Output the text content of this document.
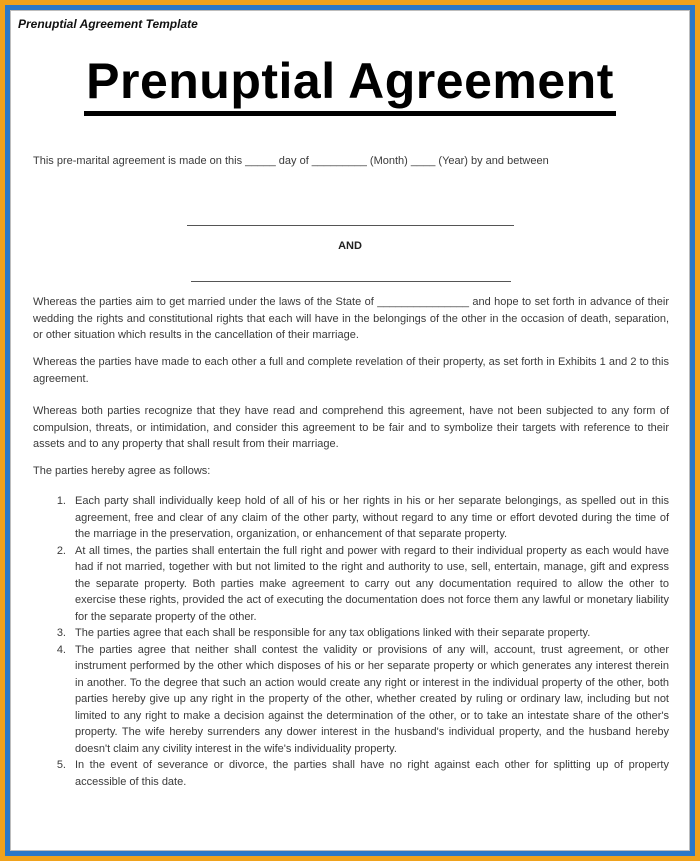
Prenuptial Agreement Template
Prenuptial Agreement
This pre-marital agreement is made on this _____ day of _________ (Month) ____ (Year) by and between
AND
Whereas the parties aim to get married under the laws of the State of _______________ and hope to set forth in advance of their wedding the rights and constitutional rights that each will have in the belongings of the other in the occasion of death, separation, or other situation which results in the cancellation of their marriage.
Whereas the parties have made to each other a full and complete revelation of their property, as set forth in Exhibits 1 and 2 to this agreement.
Whereas both parties recognize that they have read and comprehend this agreement, have not been subjected to any form of compulsion, threats, or intimidation, and consider this agreement to be fair and to symbolize their targets with reference to their assets and to any property that shall result from their marriage.
The parties hereby agree as follows:
1. Each party shall individually keep hold of all of his or her rights in his or her separate belongings, as spelled out in this agreement, free and clear of any claim of the other party, without regard to any time or effort devoted during the time of the marriage in the preservation, organization, or enhancement of that separate property.
2. At all times, the parties shall entertain the full right and power with regard to their individual property as each would have had if not married, together with but not limited to the right and authority to use, sell, entertain, manage, gift and express the separate property. Both parties make agreement to carry out any documentation required to allow the other to exercise these rights, provided the act of executing the documentation does not force them any lawful or monetary liability for the separate property of the other.
3. The parties agree that each shall be responsible for any tax obligations linked with their separate property.
4. The parties agree that neither shall contest the validity or provisions of any will, account, trust agreement, or other instrument performed by the other which disposes of his or her separate property or which generates any interest therein in another. To the degree that such an action would create any right or interest in the individual property of the other, both parties hereby give up any right in the property of the other, whether created by ruling or ordinary law, including but not limited to any right to make a decision against the determination of the other, or to take an intestate share of the other's property. The wife hereby surrenders any dower interest in the husband's individual property, and the husband hereby doesn't claim any civility interest in the wife's individuality property.
5. In the event of severance or divorce, the parties shall have no right against each other for splitting up of property accessible of this date.
